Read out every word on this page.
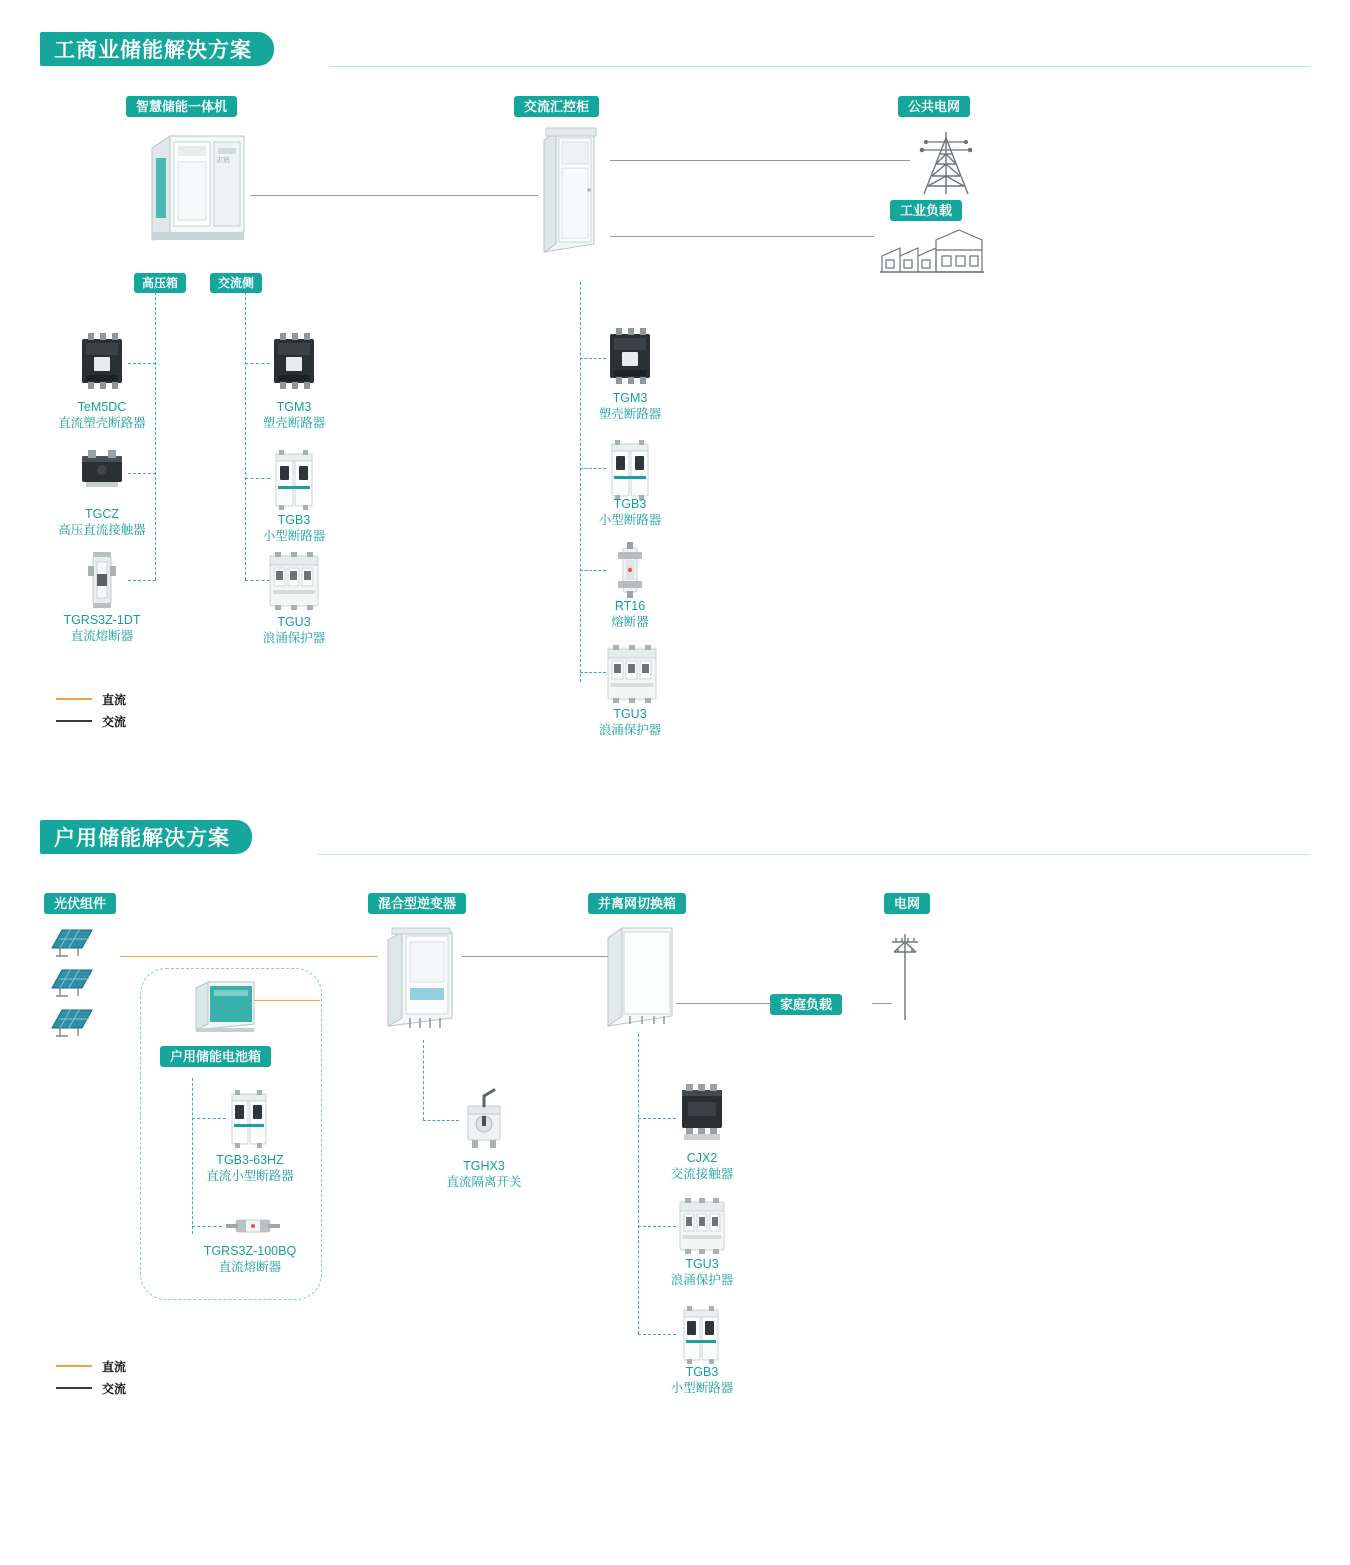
工商业储能解决方案
智慧储能一体机	交流汇控柜	公共电网
工业负载
高压箱	交流侧
志宸
TeM5DC
直流塑壳断路器
TGCZ
高压直流接触器
TGRS3Z-1DT
直流熔断器
TGM3
塑壳断路器
TGB3
小型断路器
TGU3
浪涌保护器
TGM3
塑壳断路器
TGB3
小型断路器
RT16
熔断器
TGU3
浪涌保护器
直流
交流
户用储能解决方案
光伏组件	混合型逆变器	并离网切换箱	电网
家庭负载
户用储能电池箱
TGB3-63HZ
直流小型断路器
TGRS3Z-100BQ
直流熔断器
TGHX3
直流隔离开关
CJX2
交流接触器
TGU3
浪涌保护器
TGB3
小型断路器
直流
交流
